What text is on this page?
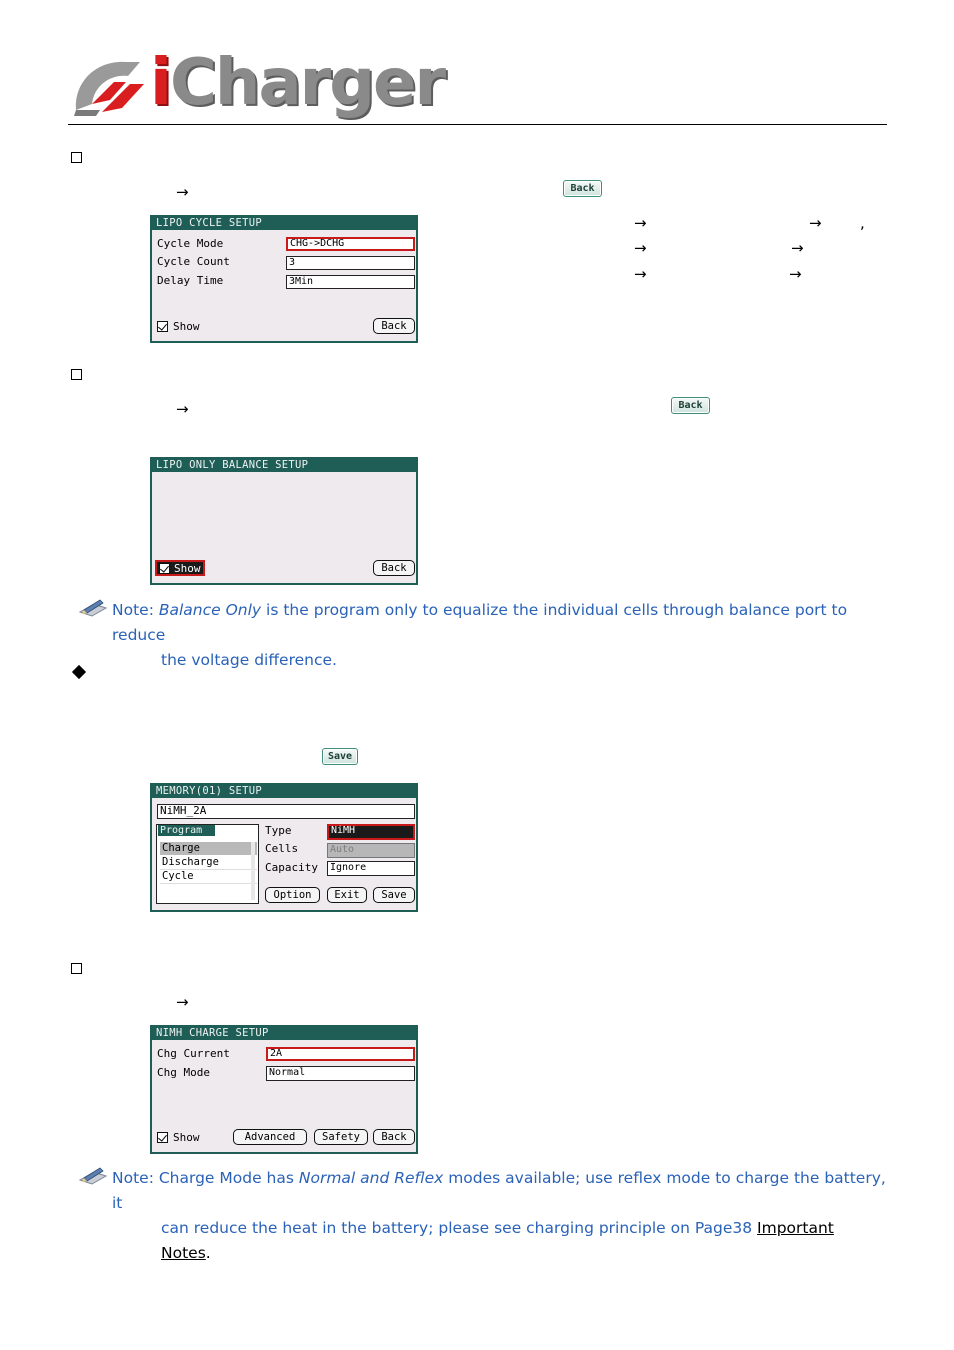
iCharger
→	Back
→	→	,
→	→
→	→
LIPO CYCLE SETUP
Cycle Mode	CHG->DCHG
Cycle Count	3
Delay Time	3Min
Show	Back
→	Back
LIPO ONLY BALANCE SETUP
Show	Back
Note: Balance Only is the program only to equalize the individual cells through balance port to reduce
the voltage difference.
Save
MEMORY(01) SETUP
NiMH_2A
Program
Charge
Discharge
Cycle
Type	NiMH
Cells	Auto
Capacity	Ignore
Option	Exit	Save
→
NIMH CHARGE SETUP
Chg Current	2A
Chg Mode	Normal
Show	Advanced	Safety	Back
Note: Charge Mode has Normal and Reflex modes available; use reflex mode to charge the battery, it
can reduce the heat in the battery; please see charging principle on Page38 Important Notes.
